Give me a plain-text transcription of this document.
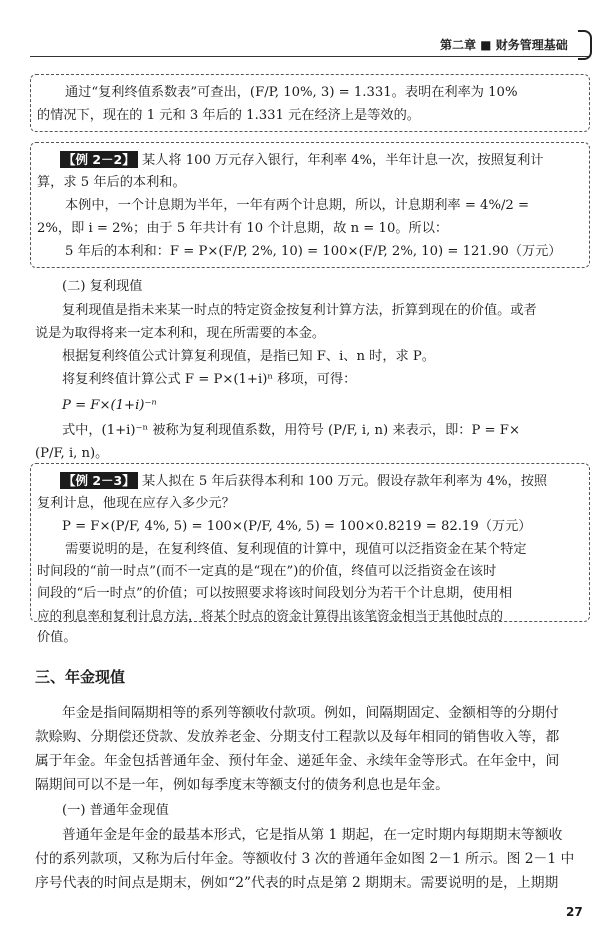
第二章 ■ 财务管理基础
通过“复利终值系数表”可查出，(F/P, 10%, 3) = 1.331。表明在利率为 10%
的情况下，现在的 1 元和 3 年后的 1.331 元在经济上是等效的。
【例 2－2】 某人将 100 万元存入银行，年利率 4%，半年计息一次，按照复利计
算，求 5 年后的本利和。
本例中，一个计息期为半年，一年有两个计息期，所以，计息期利率 = 4%/2 =
2%，即 i = 2%；由于 5 年共计有 10 个计息期，故 n = 10。所以：
5 年后的本利和：F = P×(F/P, 2%, 10) = 100×(F/P, 2%, 10) = 121.90（万元）
(二) 复利现值
复利现值是指未来某一时点的特定资金按复利计算方法，折算到现在的价值。或者
说是为取得将来一定本利和，现在所需要的本金。
根据复利终值公式计算复利现值，是指已知 F、i、n 时，求 P。
将复利终值计算公式 F = P×(1+i)ⁿ 移项，可得：
P = F×(1+i)⁻ⁿ
式中，(1+i)⁻ⁿ 被称为复利现值系数，用符号 (P/F, i, n) 来表示，即：P = F×
(P/F, i, n)。
【例 2－3】 某人拟在 5 年后获得本利和 100 万元。假设存款年利率为 4%，按照
复利计息，他现在应存入多少元？
P = F×(P/F, 4%, 5) = 100×(P/F, 4%, 5) = 100×0.8219 = 82.19（万元）
需要说明的是，在复利终值、复利现值的计算中，现值可以泛指资金在某个特定
时间段的“前一时点”(而不一定真的是“现在”)的价值，终值可以泛指资金在该时
间段的“后一时点”的价值；可以按照要求将该时间段划分为若干个计息期，使用相
应的利息率和复利计息方法，将某个时点的资金计算得出该笔资金相当于其他时点的
价值。
三、年金现值
年金是指间隔期相等的系列等额收付款项。例如，间隔期固定、金额相等的分期付
款赊购、分期偿还贷款、发放养老金、分期支付工程款以及每年相同的销售收入等，都
属于年金。年金包括普通年金、预付年金、递延年金、永续年金等形式。在年金中，间
隔期间可以不是一年，例如每季度末等额支付的债务利息也是年金。
(一) 普通年金现值
普通年金是年金的最基本形式，它是指从第 1 期起，在一定时期内每期期末等额收
付的系列款项，又称为后付年金。等额收付 3 次的普通年金如图 2－1 所示。图 2－1 中
序号代表的时间点是期末，例如“2”代表的时点是第 2 期期末。需要说明的是，上期期
27
